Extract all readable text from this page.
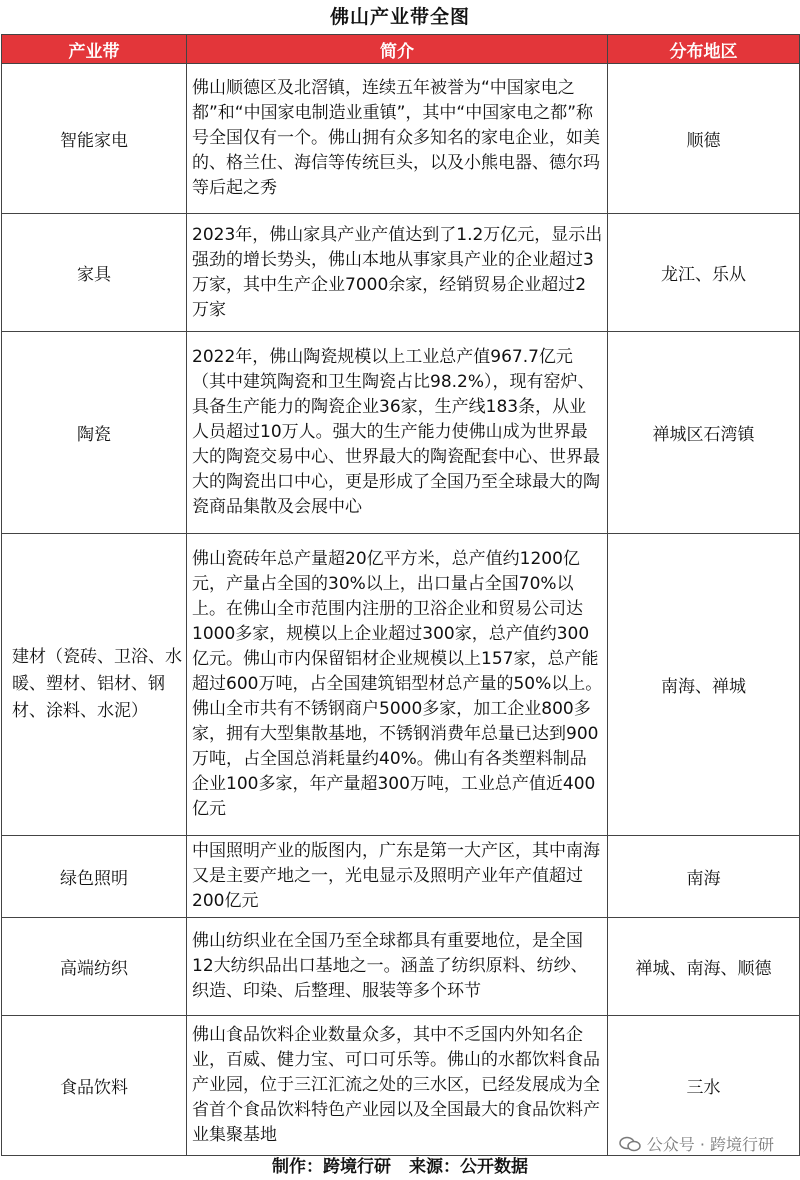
佛山产业带全图
产业带	简介	分布地区
智能家电	佛山顺德区及北滘镇，连续五年被誉为“中国家电之都”和“中国家电制造业重镇”，其中“中国家电之都”称号全国仅有一个。佛山拥有众多知名的家电企业，如美的、格兰仕、海信等传统巨头，以及小熊电器、德尔玛等后起之秀	顺德
家具	2023年，佛山家具产业产值达到了1.2万亿元，显示出强劲的增长势头，佛山本地从事家具产业的企业超过3万家，其中生产企业7000余家，经销贸易企业超过2万家	龙江、乐从
陶瓷	2022年，佛山陶瓷规模以上工业总产值967.7亿元（其中建筑陶瓷和卫生陶瓷占比98.2%），现有窑炉、具备生产能力的陶瓷企业36家，生产线183条，从业人员超过10万人。强大的生产能力使佛山成为世界最大的陶瓷交易中心、世界最大的陶瓷配套中心、世界最大的陶瓷出口中心，更是形成了全国乃至全球最大的陶瓷商品集散及会展中心	禅城区石湾镇
建材（瓷砖、卫浴、水暖、塑材、铝材、钢材、涂料、水泥）	佛山瓷砖年总产量超20亿平方米，总产值约1200亿元，产量占全国的30%以上，出口量占全国70%以上。在佛山全市范围内注册的卫浴企业和贸易公司达1000多家，规模以上企业超过300家，总产值约300亿元。佛山市内保留铝材企业规模以上157家，总产能超过600万吨，占全国建筑铝型材总产量的50%以上。佛山全市共有不锈钢商户5000多家，加工企业800多家，拥有大型集散基地，不锈钢消费年总量已达到900万吨，占全国总消耗量约40%。佛山有各类塑料制品企业100多家，年产量超300万吨，工业总产值近400亿元	南海、禅城
绿色照明	中国照明产业的版图内，广东是第一大产区，其中南海又是主要产地之一，光电显示及照明产业年产值超过200亿元	南海
高端纺织	佛山纺织业在全国乃至全球都具有重要地位，是全国12大纺织品出口基地之一。涵盖了纺织原料、纺纱、织造、印染、后整理、服装等多个环节	禅城、南海、顺德
食品饮料	佛山食品饮料企业数量众多，其中不乏国内外知名企业，百威、健力宝、可口可乐等。佛山的水都饮料食品产业园，位于三江汇流之处的三水区，已经发展成为全省首个食品饮料特色产业园以及全国最大的食品饮料产业集聚基地	三水
公众号 · 跨境行研
制作：跨境行研 来源：公开数据
